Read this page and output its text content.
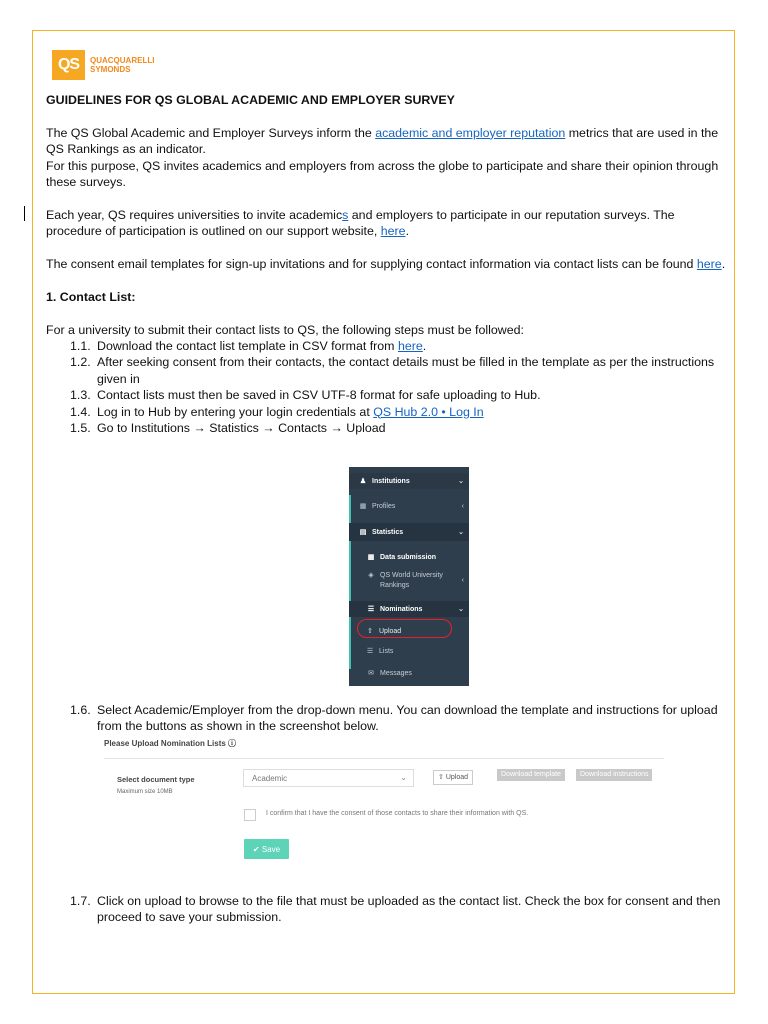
QS	QUACQUARELLI
SYMONDS

GUIDELINES FOR QS GLOBAL ACADEMIC AND EMPLOYER SURVEY

The QS Global Academic and Employer Surveys inform the academic and employer reputation metrics that are used in the QS Rankings as an indicator.

For this purpose, QS invites academics and employers from across the globe to participate and share their opinion through these surveys.

Each year, QS requires universities to invite academics and employers to participate in our reputation surveys. The procedure of participation is outlined on our support website, here.

The consent email templates for sign-up invitations and for supplying contact information via contact lists can be found here.

1. Contact List:

For a university to submit their contact lists to QS, the following steps must be followed:

1.1. Download the contact list template in CSV format from here.
1.2. After seeking consent from their contacts, the contact details must be filled in the template as per the instructions given in
1.3. Contact lists must then be saved in CSV UTF-8 format for safe uploading to Hub.
1.4. Log in to Hub by entering your login credentials at QS Hub 2.0 • Log In
1.5. Go to Institutions → Statistics → Contacts → Upload
♟ Institutions	⌄
▦ Profiles	‹
▤ Statistics	⌄
▦ Data submission
◈ QS World University
Rankings
‹
☰ Nominations	⌄
⇧ Upload
☰ Lists
✉ Messages
1.6. Select Academic/Employer from the drop-down menu. You can download the template and instructions for upload from the buttons as shown in the screenshot below.
Please Upload Nomination Lists ⓘ
Select document type
Maximum size 10MB
Academic	⌄	⇧ Upload	Download template	Download instructions
I confirm that I have the consent of those contacts to share their information with QS.
✔
Save
1.7. Click on upload to browse to the file that must be uploaded as the contact list. Check the box for consent and then proceed to save your submission.
